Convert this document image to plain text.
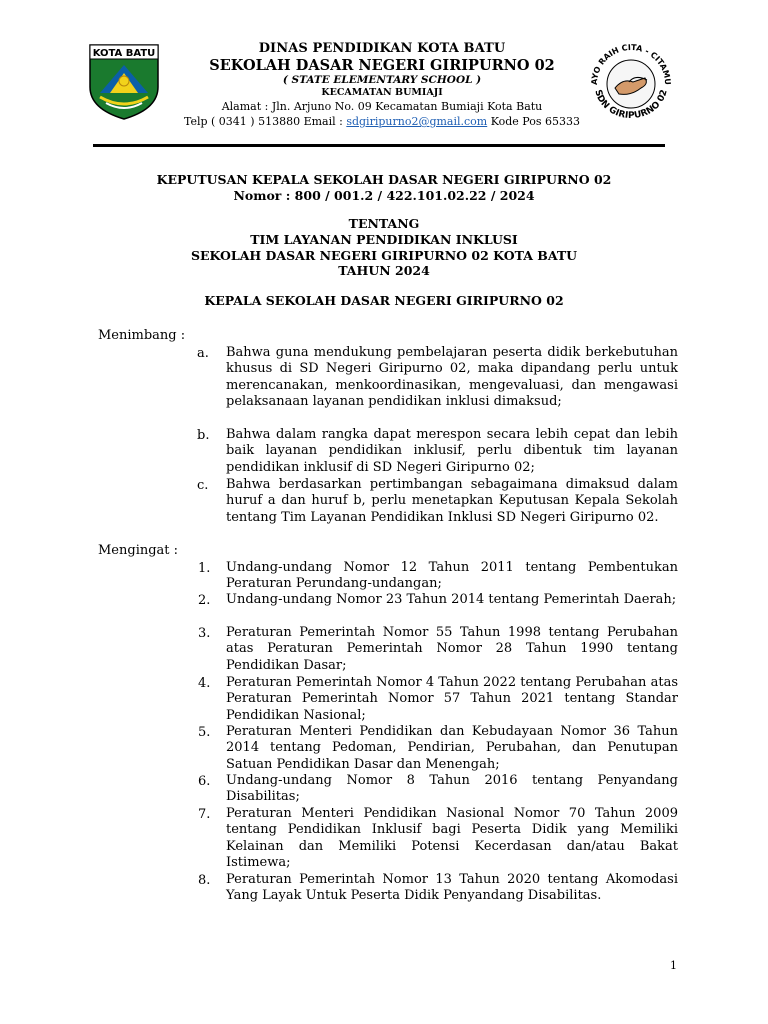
KOTA BATU	DINAS PENDIDIKAN KOTA BATU
SEKOLAH DASAR NEGERI GIRIPURNO 02
( STATE ELEMENTARY SCHOOL )
KECAMATAN BUMIAJI
Alamat : Jln. Arjuno No. 09 Kecamatan Bumiaji Kota Batu
Telp ( 0341 ) 513880 Email : sdgiripurno2@gmail.com Kode Pos 65333
AYO RAIH CITA - CITAMU
SDN GIRIPURNO 02
KEPUTUSAN KEPALA SEKOLAH DASAR NEGERI GIRIPURNO 02
Nomor : 800 / 001.2 / 422.101.02.22 / 2024
TENTANG
TIM LAYANAN PENDIDIKAN INKLUSI
SEKOLAH DASAR NEGERI GIRIPURNO 02 KOTA BATU
TAHUN 2024
KEPALA SEKOLAH DASAR NEGERI GIRIPURNO 02
Menimbang :
a. Bahwa guna mendukung pembelajaran peserta didik berkebutuhan khusus di SD Negeri Giripurno 02, maka dipandang perlu untuk merencanakan, menkoordinasikan, mengevaluasi, dan mengawasi pelaksanaan layanan pendidikan inklusi dimaksud;
b. Bahwa dalam rangka dapat merespon secara lebih cepat dan lebih baik layanan pendidikan inklusif, perlu dibentuk tim layanan pendidikan inklusif di SD Negeri Giripurno 02;
c. Bahwa berdasarkan pertimbangan sebagaimana dimaksud dalam huruf a dan huruf b, perlu menetapkan Keputusan Kepala Sekolah tentang Tim Layanan Pendidikan Inklusi SD Negeri Giripurno 02.
Mengingat :
1. Undang-undang Nomor 12 Tahun 2011 tentang Pembentukan Peraturan Perundang-undangan;
2. Undang-undang Nomor 23 Tahun 2014 tentang Pemerintah Daerah;
3. Peraturan Pemerintah Nomor 55 Tahun 1998 tentang Perubahan atas Peraturan Pemerintah Nomor 28 Tahun 1990 tentang Pendidikan Dasar;
4. Peraturan Pemerintah Nomor 4 Tahun 2022 tentang Perubahan atas Peraturan Pemerintah Nomor 57 Tahun 2021 tentang Standar Pendidikan Nasional;
5. Peraturan Menteri Pendidikan dan Kebudayaan Nomor 36 Tahun 2014 tentang Pedoman, Pendirian, Perubahan, dan Penutupan Satuan Pendidikan Dasar dan Menengah;
6. Undang-undang Nomor 8 Tahun 2016 tentang Penyandang Disabilitas;
7. Peraturan Menteri Pendidikan Nasional Nomor 70 Tahun 2009 tentang Pendidikan Inklusif bagi Peserta Didik yang Memiliki Kelainan dan Memiliki Potensi Kecerdasan dan/atau Bakat Istimewa;
8. Peraturan Pemerintah Nomor 13 Tahun 2020 tentang Akomodasi Yang Layak Untuk Peserta Didik Penyandang Disabilitas.
1
